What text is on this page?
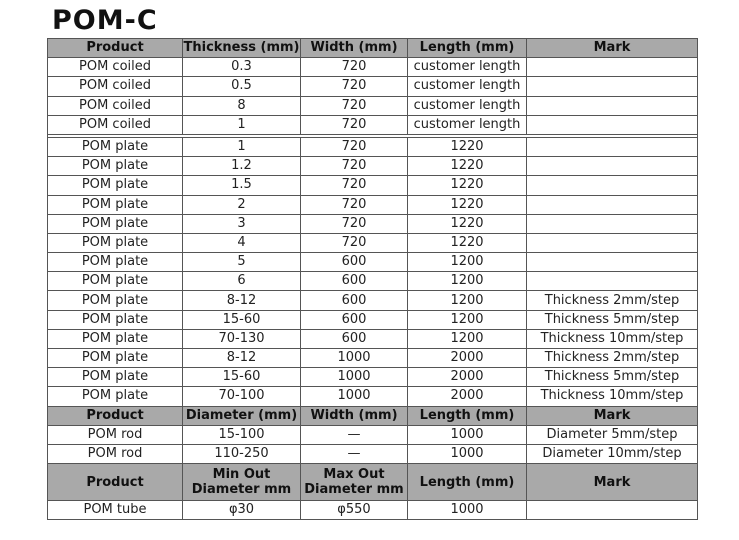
POM-C
Product	Thickness (mm)	Width (mm)	Length (mm)	Mark
POM coiled	0.3	720	customer length	
POM coiled	0.5	720	customer length	
POM coiled	8	720	customer length	
POM coiled	1	720	customer length	

POM plate	1	720	1220	
POM plate	1.2	720	1220	
POM plate	1.5	720	1220	
POM plate	2	720	1220	
POM plate	3	720	1220	
POM plate	4	720	1220	
POM plate	5	600	1200	
POM plate	6	600	1200	
POM plate	8-12	600	1200	Thickness 2mm/step
POM plate	15-60	600	1200	Thickness 5mm/step
POM plate	70-130	600	1200	Thickness 10mm/step
POM plate	8-12	1000	2000	Thickness 2mm/step
POM plate	15-60	1000	2000	Thickness 5mm/step
POM plate	70-100	1000	2000	Thickness 10mm/step
Product	Diameter (mm)	Width (mm)	Length (mm)	Mark
POM rod	15-100	—	1000	Diameter 5mm/step
POM rod	110-250	—	1000	Diameter 10mm/step
Product	Min Out Diameter mm	Max Out Diameter mm	Length (mm)	Mark
POM tube	φ30	φ550	1000	
